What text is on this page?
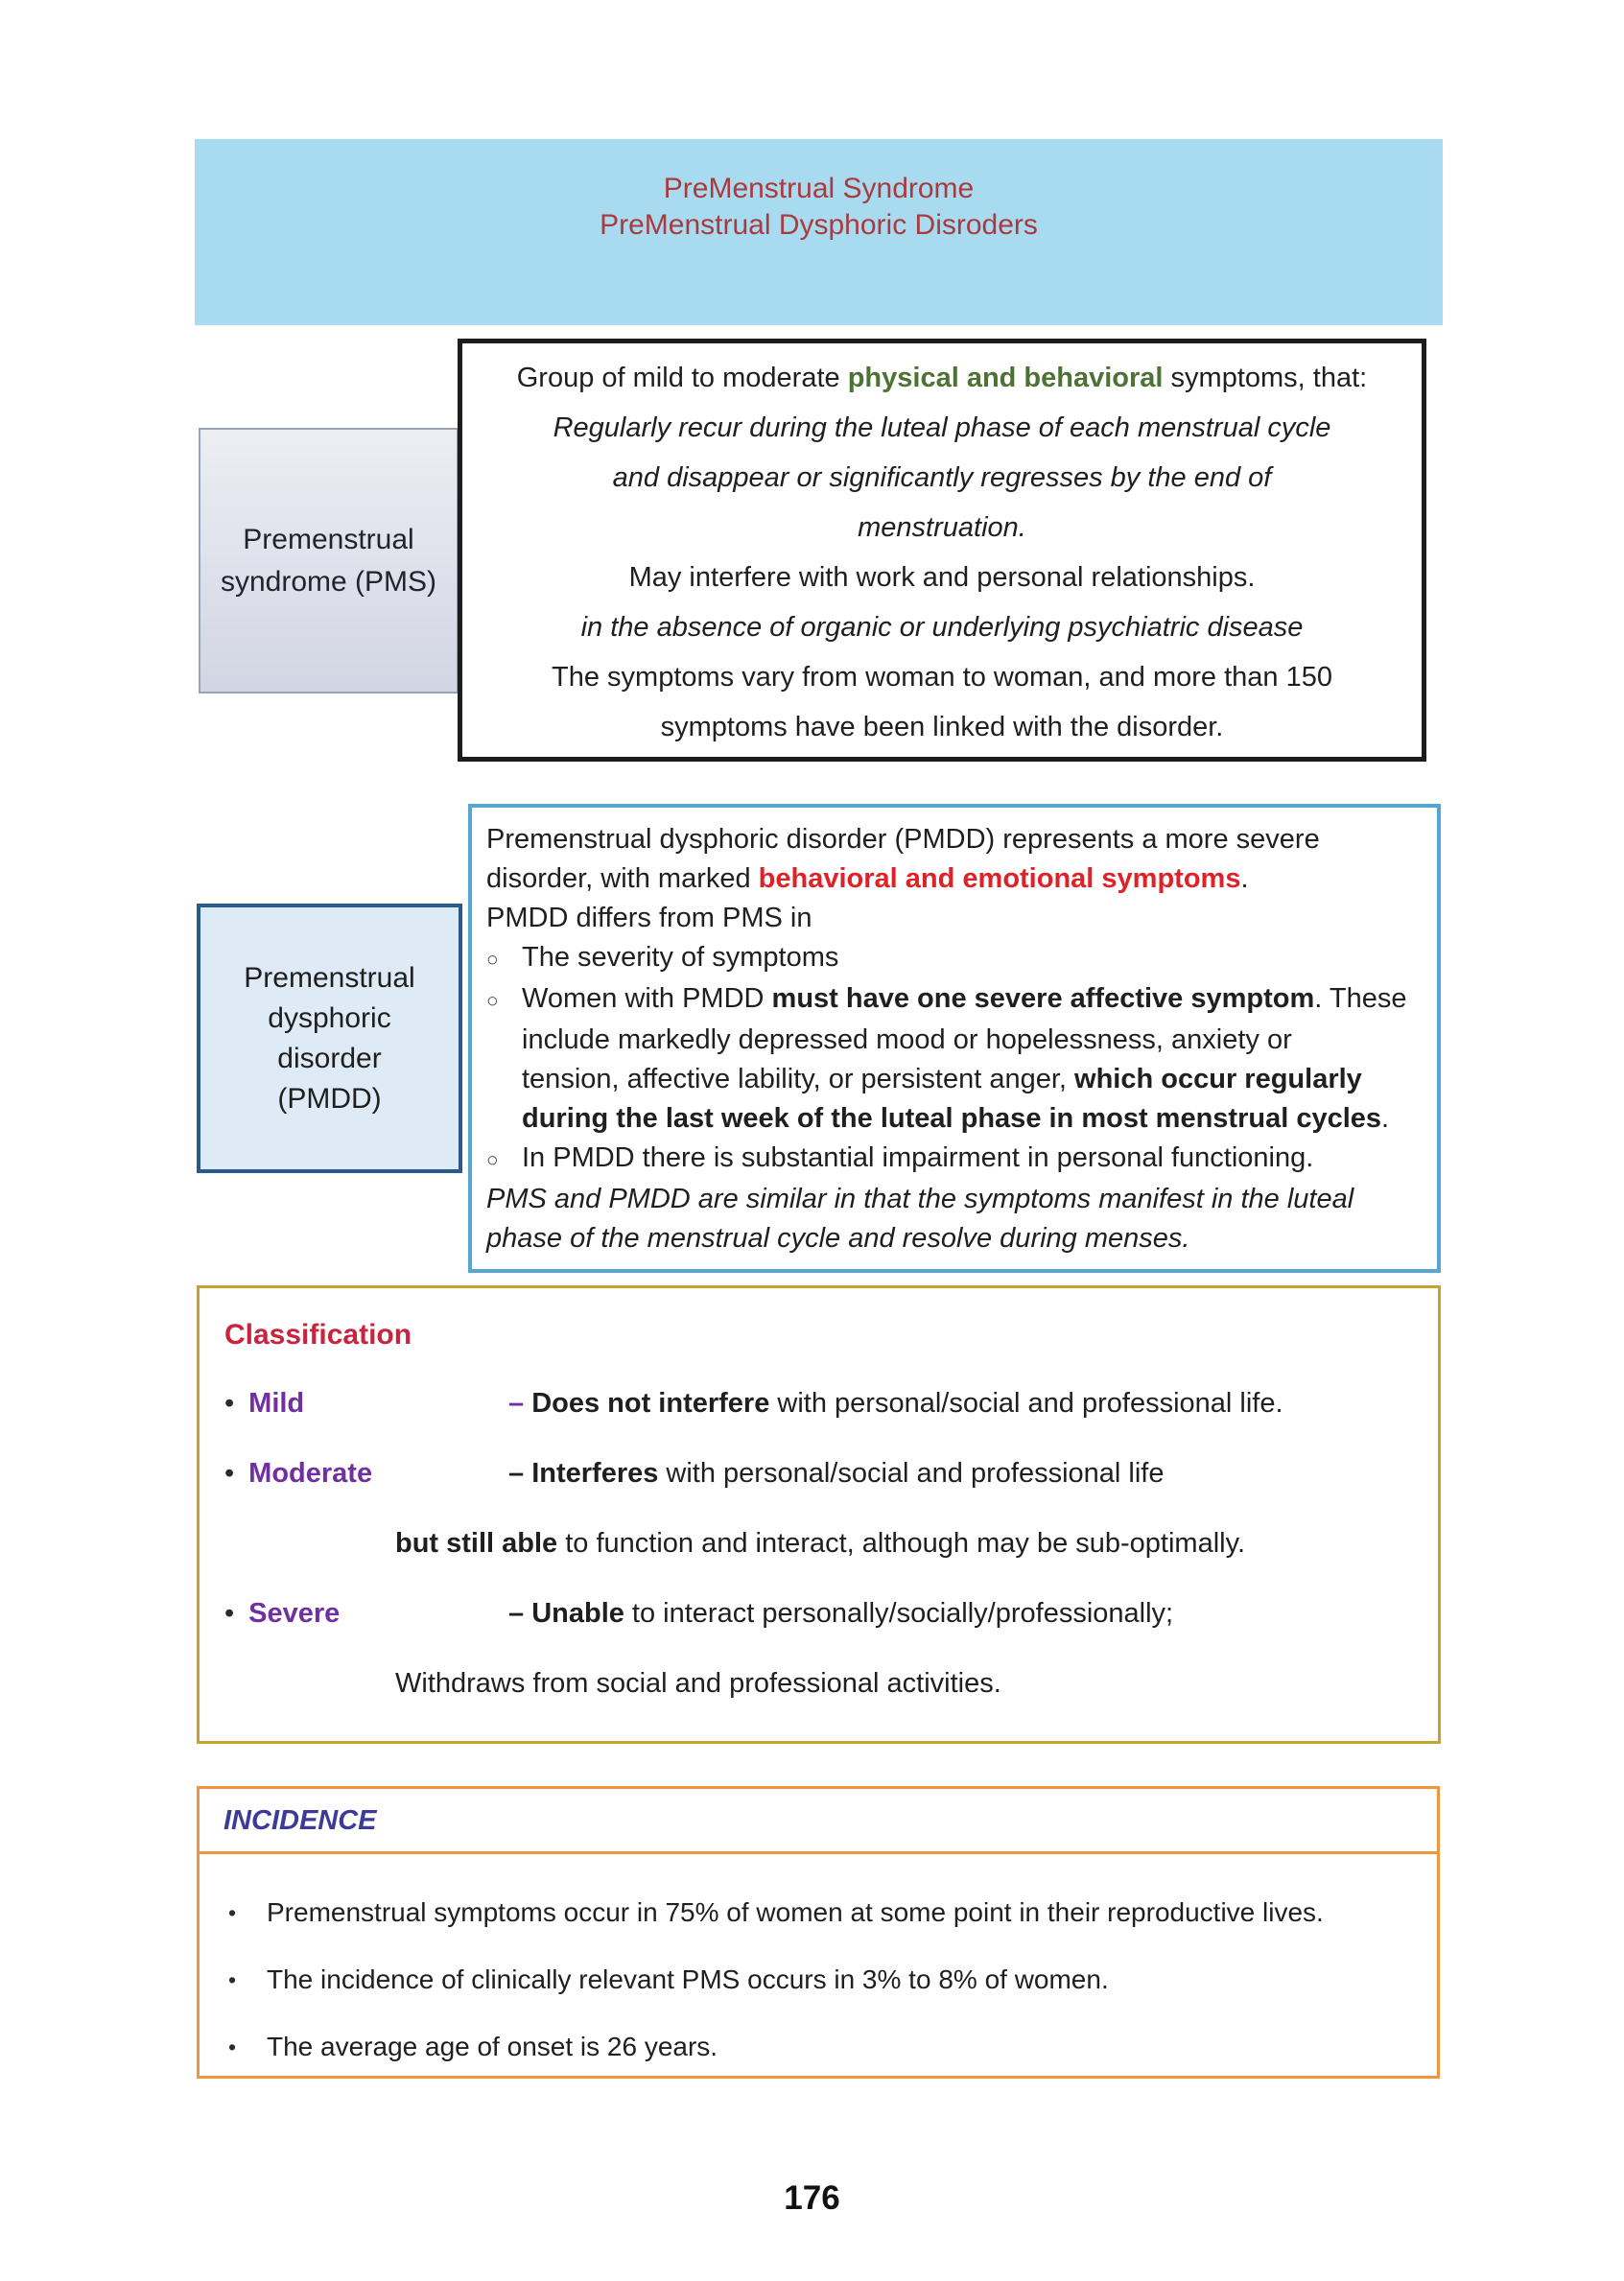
PreMenstrual Syndrome
PreMenstrual Dysphoric Disroders
Premenstrual
syndrome (PMS)
Group of mild to moderate physical and behavioral symptoms, that:
Regularly recur during the luteal phase of each menstrual cycle
and disappear or significantly regresses by the end of
menstruation.
May interfere with work and personal relationships.
in the absence of organic or underlying psychiatric disease
The symptoms vary from woman to woman, and more than 150
symptoms have been linked with the disorder.
Premenstrual
dysphoric
disorder
(PMDD)
Premenstrual dysphoric disorder (PMDD) represents a more severe
disorder, with marked behavioral and emotional symptoms.
PMDD differs from PMS in
○ The severity of symptoms
○ Women with PMDD must have one severe affective symptom. These
include markedly depressed mood or hopelessness, anxiety or
tension, affective lability, or persistent anger, which occur regularly
during the last week of the luteal phase in most menstrual cycles.
○ In PMDD there is substantial impairment in personal functioning.
PMS and PMDD are similar in that the symptoms manifest in the luteal
phase of the menstrual cycle and resolve during menses.
Classification
• Mild	– Does not interfere with personal/social and professional life.
• Moderate	– Interferes with personal/social and professional life
but still able to function and interact, although may be sub-optimally.
• Severe	– Unable to interact personally/socially/professionally;
Withdraws from social and professional activities.
INCIDENCE
•	Premenstrual symptoms occur in 75% of women at some point in their reproductive lives.
•	The incidence of clinically relevant PMS occurs in 3% to 8% of women.
•	The average age of onset is 26 years.
176
